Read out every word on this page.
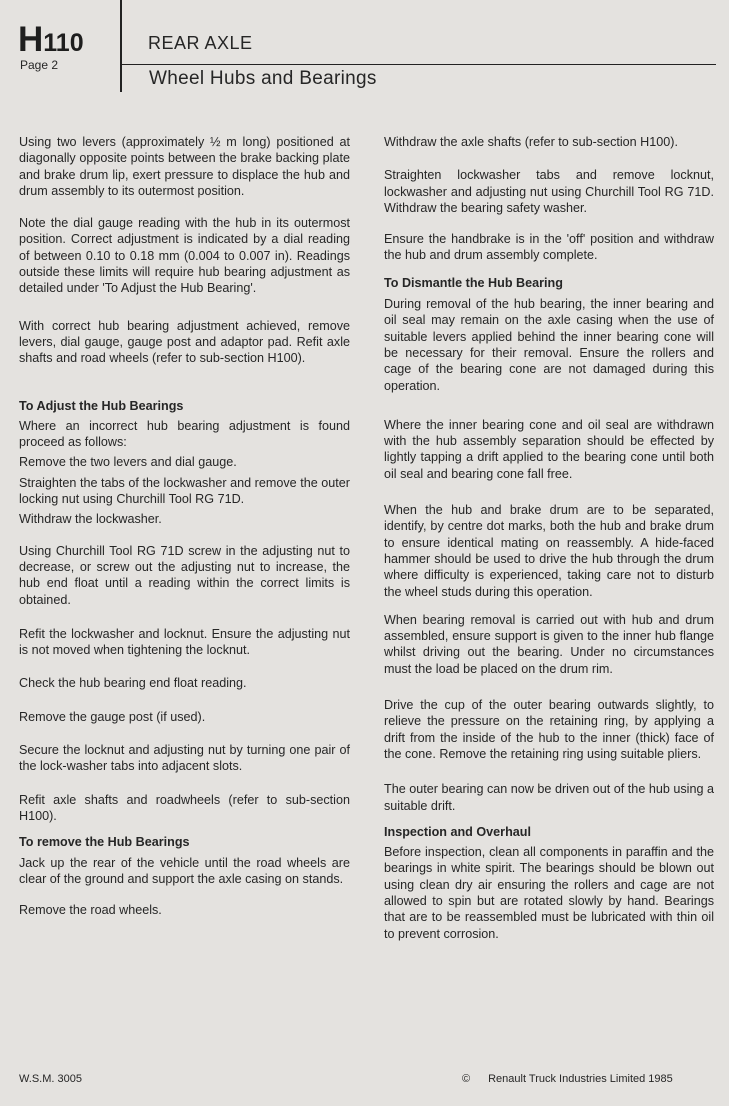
H110
Page 2
REAR AXLE
Wheel Hubs and Bearings

Using two levers (approximately ½ m long) positioned at diagonally opposite points between the brake backing plate and brake drum lip, exert pressure to displace the hub and drum assembly to its outermost position.

Note the dial gauge reading with the hub in its outermost position. Correct adjustment is indicated by a dial reading of between 0.10 to 0.18 mm (0.004 to 0.007 in). Readings outside these limits will require hub bearing adjustment as detailed under 'To Adjust the Hub Bearing'.

With correct hub bearing adjustment achieved, remove levers, dial gauge, gauge post and adaptor pad. Refit axle shafts and road wheels (refer to sub-section H100).

To Adjust the Hub Bearings

Where an incorrect hub bearing adjustment is found proceed as follows:

Remove the two levers and dial gauge.

Straighten the tabs of the lockwasher and remove the outer locking nut using Churchill Tool RG 71D.

Withdraw the lockwasher.

Using Churchill Tool RG 71D screw in the adjusting nut to decrease, or screw out the adjusting nut to increase, the hub end float until a reading within the correct limits is obtained.

Refit the lockwasher and locknut. Ensure the adjusting nut is not moved when tightening the locknut.

Check the hub bearing end float reading.

Remove the gauge post (if used).

Secure the locknut and adjusting nut by turning one pair of the lock-washer tabs into adjacent slots.

Refit axle shafts and roadwheels (refer to sub-section H100).

To remove the Hub Bearings

Jack up the rear of the vehicle until the road wheels are clear of the ground and support the axle casing on stands.

Remove the road wheels.

Withdraw the axle shafts (refer to sub-section H100).

Straighten lockwasher tabs and remove locknut, lockwasher and adjusting nut using Churchill Tool RG 71D. Withdraw the bearing safety washer.

Ensure the handbrake is in the 'off' position and withdraw the hub and drum assembly complete.

To Dismantle the Hub Bearing

During removal of the hub bearing, the inner bearing and oil seal may remain on the axle casing when the use of suitable levers applied behind the inner bearing cone will be necessary for their removal. Ensure the rollers and cage of the bearing cone are not damaged during this operation.

Where the inner bearing cone and oil seal are withdrawn with the hub assembly separation should be effected by lightly tapping a drift applied to the bearing cone until both oil seal and bearing cone fall free.

When the hub and brake drum are to be separated, identify, by centre dot marks, both the hub and brake drum to ensure identical mating on reassembly. A hide-faced hammer should be used to drive the hub through the drum where difficulty is experienced, taking care not to disturb the wheel studs during this operation.

When bearing removal is carried out with hub and drum assembled, ensure support is given to the inner hub flange whilst driving out the bearing. Under no circumstances must the load be placed on the drum rim.

Drive the cup of the outer bearing outwards slightly, to relieve the pressure on the retaining ring, by applying a drift from the inside of the hub to the inner (thick) face of the cone. Remove the retaining ring using suitable pliers.

The outer bearing can now be driven out of the hub using a suitable drift.

Inspection and Overhaul

Before inspection, clean all components in paraffin and the bearings in white spirit. The bearings should be blown out using clean dry air ensuring the rollers and cage are not allowed to spin but are rotated slowly by hand. Bearings that are to be reassembled must be lubricated with thin oil to prevent corrosion.

W.S.M. 3005	© Renault Truck Industries Limited 1985
